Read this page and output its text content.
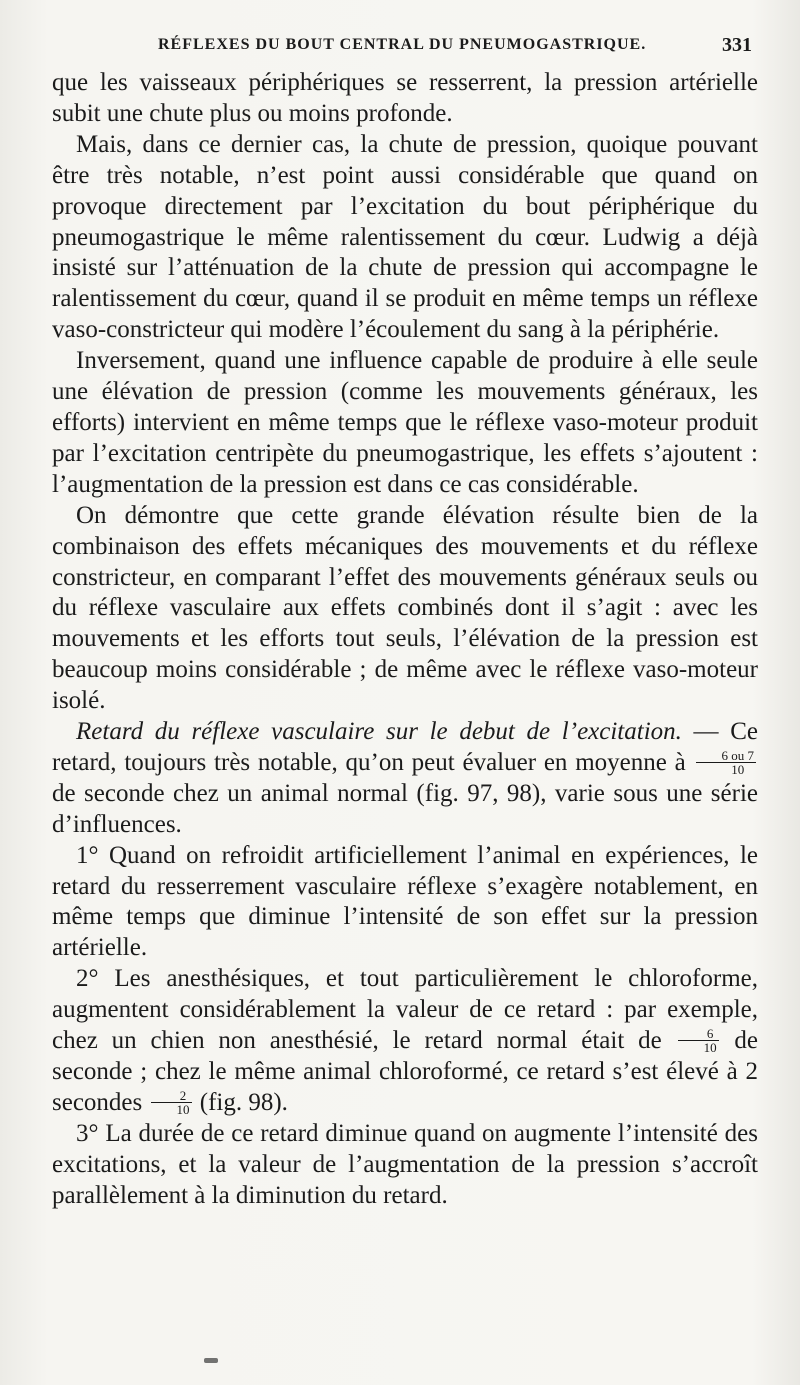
RÉFLEXES DU BOUT CENTRAL DU PNEUMOGASTRIQUE.	331

que les vaisseaux périphériques se resserrent, la pression artérielle subit une chute plus ou moins profonde.

Mais, dans ce dernier cas, la chute de pression, quoique pouvant être très notable, n’est point aussi considérable que quand on provoque directement par l’excitation du bout périphérique du pneumogastrique le même ralentissement du cœur. Ludwig a déjà insisté sur l’atténuation de la chute de pression qui accompagne le ralentissement du cœur, quand il se produit en même temps un réflexe vaso-constricteur qui modère l’écoulement du sang à la périphérie.

Inversement, quand une influence capable de produire à elle seule une élévation de pression (comme les mouvements généraux, les efforts) intervient en même temps que le réflexe vaso-moteur produit par l’excitation centripète du pneumogastrique, les effets s’ajoutent : l’augmentation de la pression est dans ce cas considérable.

On démontre que cette grande élévation résulte bien de la combinaison des effets mécaniques des mouvements et du réflexe constricteur, en comparant l’effet des mouvements généraux seuls ou du réflexe vasculaire aux effets combinés dont il s’agit : avec les mouvements et les efforts tout seuls, l’élévation de la pression est beaucoup moins considérable ; de même avec le réflexe vaso-moteur isolé.

Retard du réflexe vasculaire sur le debut de l’excitation. — Ce retard, toujours très notable, qu’on peut évaluer en moyenne à $\frac{6 ou 7}{10}$
de seconde chez un animal normal (fig. 97, 98), varie sous une série d’influences.

1° Quand on refroidit artificiellement l’animal en expériences, le retard du resserrement vasculaire réflexe s’exagère notablement, en même temps que diminue l’intensité de son effet sur la pression artérielle.

2° Les anesthésiques, et tout particulièrement le chloroforme, augmentent considérablement la valeur de ce retard : par exemple, chez un chien non anesthésié, le retard normal était de $\frac{6}{10}$ de seconde ; chez le même animal chloroformé, ce retard s’est élevé à 2 secondes $\frac{2}{10} (fig$. 98).

3° La durée de ce retard diminue quand on augmente l’intensité des excitations, et la valeur de l’augmentation de la pression s’accroît parallèlement à la diminution du retard.
